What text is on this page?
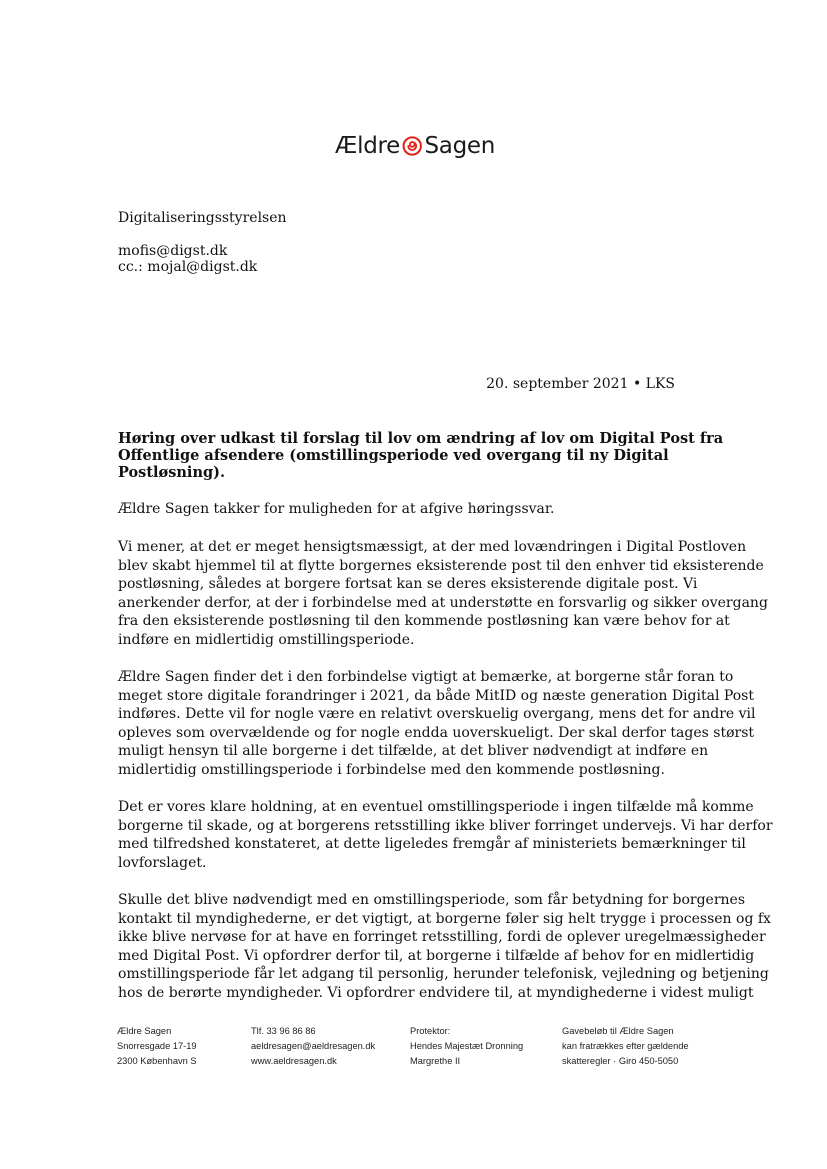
Ældre Sagen
Digitaliseringsstyrelsen
mofis@digst.dk
cc.: mojal@digst.dk
20. september 2021 • LKS
Høring over udkast til forslag til lov om ændring af lov om Digital Post fra
Offentlige afsendere (omstillingsperiode ved overgang til ny Digital
Postløsning).
Ældre Sagen takker for muligheden for at afgive høringssvar.
Vi mener, at det er meget hensigtsmæssigt, at der med lovændringen i Digital Postloven
blev skabt hjemmel til at flytte borgernes eksisterende post til den enhver tid eksisterende
postløsning, således at borgere fortsat kan se deres eksisterende digitale post. Vi
anerkender derfor, at der i forbindelse med at understøtte en forsvarlig og sikker overgang
fra den eksisterende postløsning til den kommende postløsning kan være behov for at
indføre en midlertidig omstillingsperiode.
Ældre Sagen finder det i den forbindelse vigtigt at bemærke, at borgerne står foran to
meget store digitale forandringer i 2021, da både MitID og næste generation Digital Post
indføres. Dette vil for nogle være en relativt overskuelig overgang, mens det for andre vil
opleves som overvældende og for nogle endda uoverskueligt. Der skal derfor tages størst
muligt hensyn til alle borgerne i det tilfælde, at det bliver nødvendigt at indføre en
midlertidig omstillingsperiode i forbindelse med den kommende postløsning.
Det er vores klare holdning, at en eventuel omstillingsperiode i ingen tilfælde må komme
borgerne til skade, og at borgerens retsstilling ikke bliver forringet undervejs. Vi har derfor
med tilfredshed konstateret, at dette ligeledes fremgår af ministeriets bemærkninger til
lovforslaget.
Skulle det blive nødvendigt med en omstillingsperiode, som får betydning for borgernes
kontakt til myndighederne, er det vigtigt, at borgerne føler sig helt trygge i processen og fx
ikke blive nervøse for at have en forringet retsstilling, fordi de oplever uregelmæssigheder
med Digital Post. Vi opfordrer derfor til, at borgerne i tilfælde af behov for en midlertidig
omstillingsperiode får let adgang til personlig, herunder telefonisk, vejledning og betjening
hos de berørte myndigheder. Vi opfordrer endvidere til, at myndighederne i videst muligt
Ældre Sagen
Snorresgade 17-19
2300 København S
Tlf. 33 96 86 86
aeldresagen@aeldresagen.dk
www.aeldresagen.dk
Protektor:
Hendes Majestæt Dronning
Margrethe II
Gavebeløb til Ældre Sagen
kan fratrækkes efter gældende
skatteregler · Giro 450-5050
